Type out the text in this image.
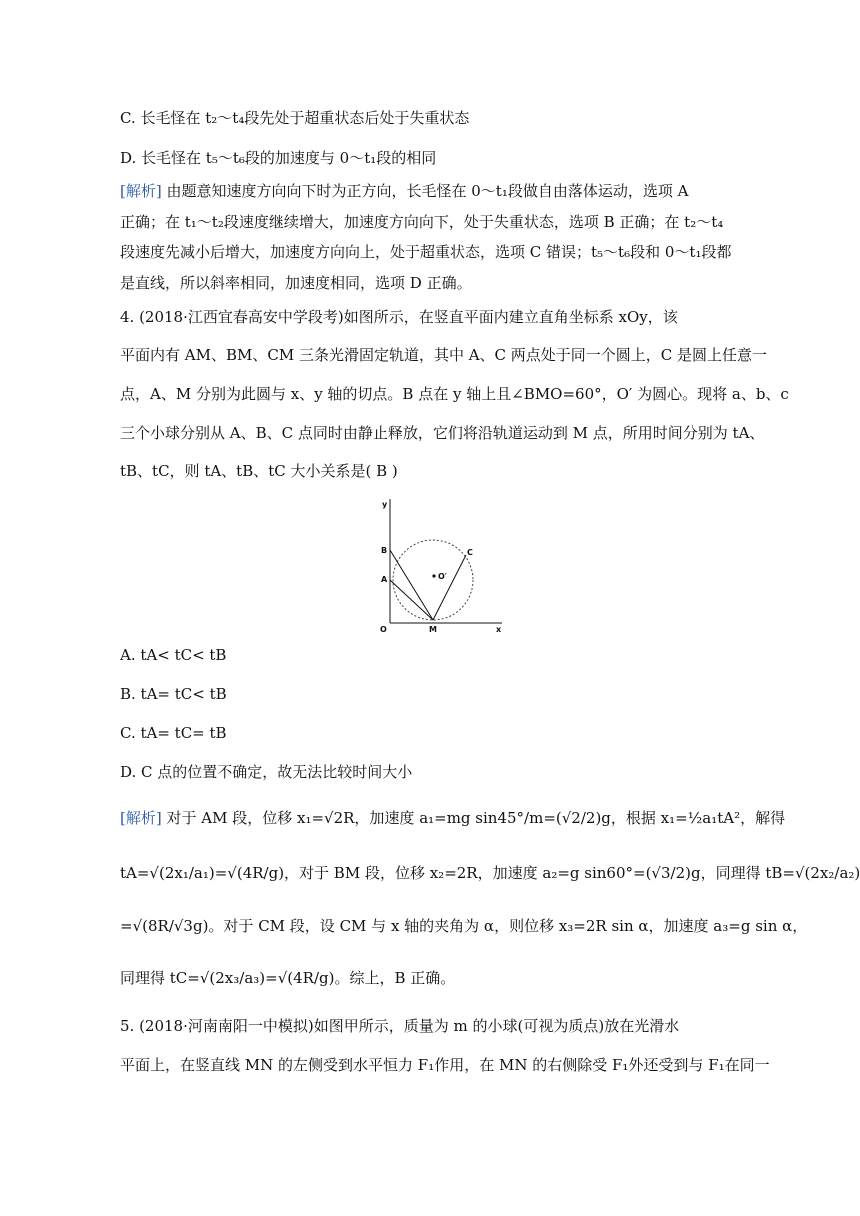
C. 长毛怪在 t₂～t₄段先处于超重状态后处于失重状态
D. 长毛怪在 t₅～t₆段的加速度与 0～t₁段的相同
[解析] 由题意知速度方向向下时为正方向，长毛怪在 0～t₁段做自由落体运动，选项 A
正确；在 t₁～t₂段速度继续增大，加速度方向向下，处于失重状态，选项 B 正确；在 t₂～t₄
段速度先减小后增大，加速度方向向上，处于超重状态，选项 C 错误；t₅～t₆段和 0～t₁段都
是直线，所以斜率相同，加速度相同，选项 D 正确。
4. (2018·江西宜春高安中学段考)如图所示，在竖直平面内建立直角坐标系 xOy，该
平面内有 AM、BM、CM 三条光滑固定轨道，其中 A、C 两点处于同一个圆上，C 是圆上任意一
点，A、M 分别为此圆与 x、y 轴的切点。B 点在 y 轴上且∠BMO=60°，O′ 为圆心。现将 a、b、c
三个小球分别从 A、B、C 点同时由静止释放，它们将沿轨道运动到 M 点，所用时间分别为 tA、
tB、tC，则 tA、tB、tC 大小关系是( B )
y
x
O	M
A
B	C
O′
A. tA< tC< tB
B. tA= tC< tB
C. tA= tC= tB
D. C 点的位置不确定，故无法比较时间大小
[解析] 对于 AM 段，位移 x₁=√2R，加速度 a₁=mg sin45°/m=(√2/2)g，根据 x₁=½a₁tA²，解得
tA=√(2x₁/a₁)=√(4R/g)，对于 BM 段，位移 x₂=2R，加速度 a₂=g sin60°=(√3/2)g，同理得 tB=√(2x₂/a₂)
=√(8R/√3g)。对于 CM 段，设 CM 与 x 轴的夹角为 α，则位移 x₃=2R sin α，加速度 a₃=g sin α，
同理得 tC=√(2x₃/a₃)=√(4R/g)。综上，B 正确。
5. (2018·河南南阳一中模拟)如图甲所示，质量为 m 的小球(可视为质点)放在光滑水
平面上，在竖直线 MN 的左侧受到水平恒力 F₁作用，在 MN 的右侧除受 F₁外还受到与 F₁在同一
